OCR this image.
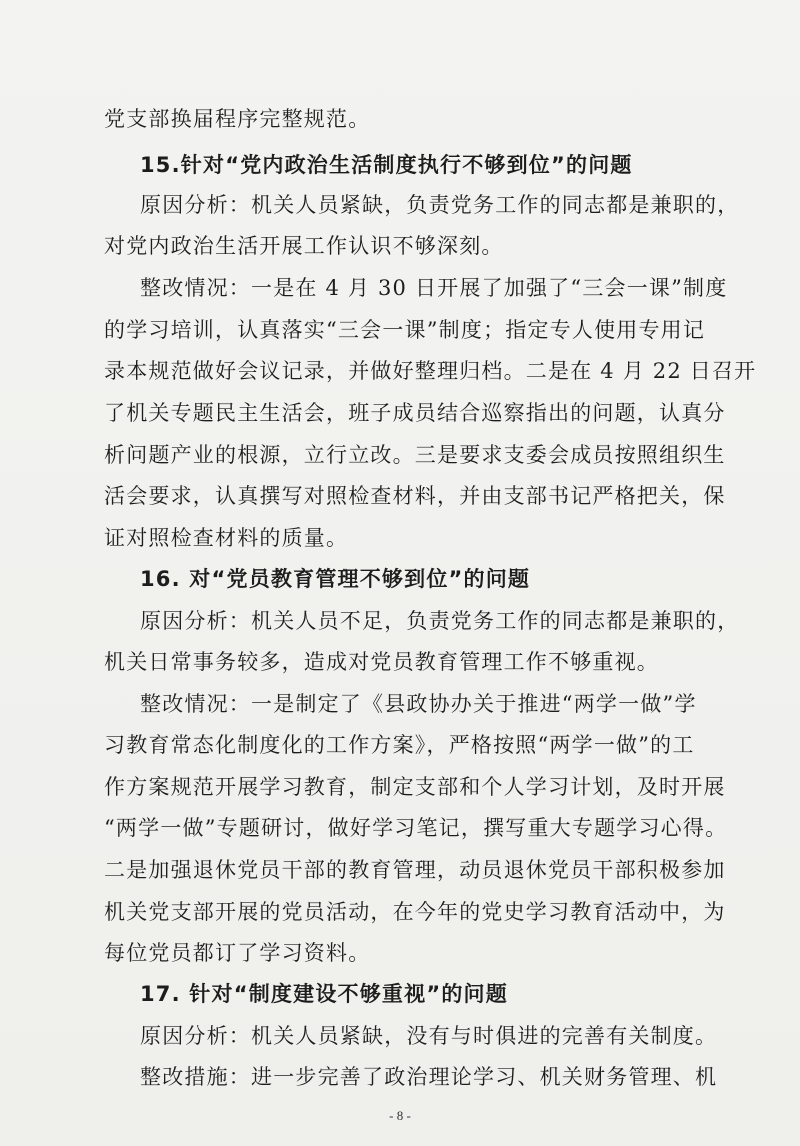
党支部换届程序完整规范。
15.针对“党内政治生活制度执行不够到位”的问题
原因分析：机关人员紧缺，负责党务工作的同志都是兼职的，
对党内政治生活开展工作认识不够深刻。
整改情况：一是在 4 月 30 日开展了加强了“三会一课”制度
的学习培训，认真落实“三会一课”制度；指定专人使用专用记
录本规范做好会议记录，并做好整理归档。二是在 4 月 22 日召开
了机关专题民主生活会，班子成员结合巡察指出的问题，认真分
析问题产业的根源，立行立改。三是要求支委会成员按照组织生
活会要求，认真撰写对照检查材料，并由支部书记严格把关，保
证对照检查材料的质量。
16. 对“党员教育管理不够到位”的问题
原因分析：机关人员不足，负责党务工作的同志都是兼职的，
机关日常事务较多，造成对党员教育管理工作不够重视。
整改情况：一是制定了《县政协办关于推进“两学一做”学
习教育常态化制度化的工作方案》，严格按照“两学一做”的工
作方案规范开展学习教育，制定支部和个人学习计划，及时开展
“两学一做”专题研讨，做好学习笔记，撰写重大专题学习心得。
二是加强退休党员干部的教育管理，动员退休党员干部积极参加
机关党支部开展的党员活动，在今年的党史学习教育活动中，为
每位党员都订了学习资料。
17. 针对“制度建设不够重视”的问题
原因分析：机关人员紧缺，没有与时俱进的完善有关制度。
整改措施：进一步完善了政治理论学习、机关财务管理、机
- 8 -
